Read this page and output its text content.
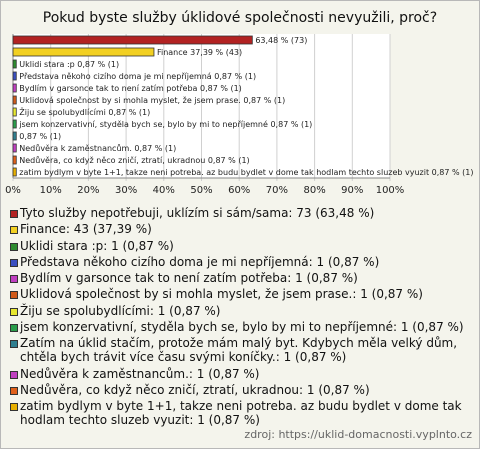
Pokud byste služby úklidové společnosti nevyužili, proč?
0% 10% 20% 30% 40% 50% 60% 70% 80% 90% 100%
63,48 % (73)
Finance 37,39 % (43)
Uklidi stara :p 0,87 % (1)
Představa někoho cizího doma je mi nepříjemná 0,87 % (1)
Bydlím v garsonce tak to není zatím potřeba 0,87 % (1)
Uklidová společnost by si mohla myslet, že jsem prase. 0,87 % (1)
Žiju se spolubydlícími 0,87 % (1)
jsem konzervativní, styděla bych se, bylo by mi to nepříjemné 0,87 % (1)
0,87 % (1)
Nedůvěra k zaměstnancům. 0,87 % (1)
Nedůvěra, co když něco zničí, ztratí, ukradnou 0,87 % (1)
zatim bydlym v byte 1+1, takze neni potreba. az budu bydlet v dome tak hodlam techto sluzeb vyuzit 0,87 % (1)
Tyto služby nepotřebuji, uklízím si sám/sama: 73 (63,48 %)
Finance: 43 (37,39 %)
Uklidi stara :p: 1 (0,87 %)
Představa někoho cizího doma je mi nepříjemná: 1 (0,87 %)
Bydlím v garsonce tak to není zatím potřeba: 1 (0,87 %)
Uklidová společnost by si mohla myslet, že jsem prase.: 1 (0,87 %)
Žiju se spolubydlícími: 1 (0,87 %)
jsem konzervativní, styděla bych se, bylo by mi to nepříjemné: 1 (0,87 %)
Zatím na úklid stačím, protože mám malý byt. Kdybych měla velký dům, chtěla bych trávit více času svými koníčky.: 1 (0,87 %)
Nedůvěra k zaměstnancům.: 1 (0,87 %)
Nedůvěra, co když něco zničí, ztratí, ukradnou: 1 (0,87 %)
zatim bydlym v byte 1+1, takze neni potreba. az budu bydlet v dome tak hodlam techto sluzeb vyuzit: 1 (0,87 %)
zdroj: https://uklid-domacnosti.vyplnto.cz
